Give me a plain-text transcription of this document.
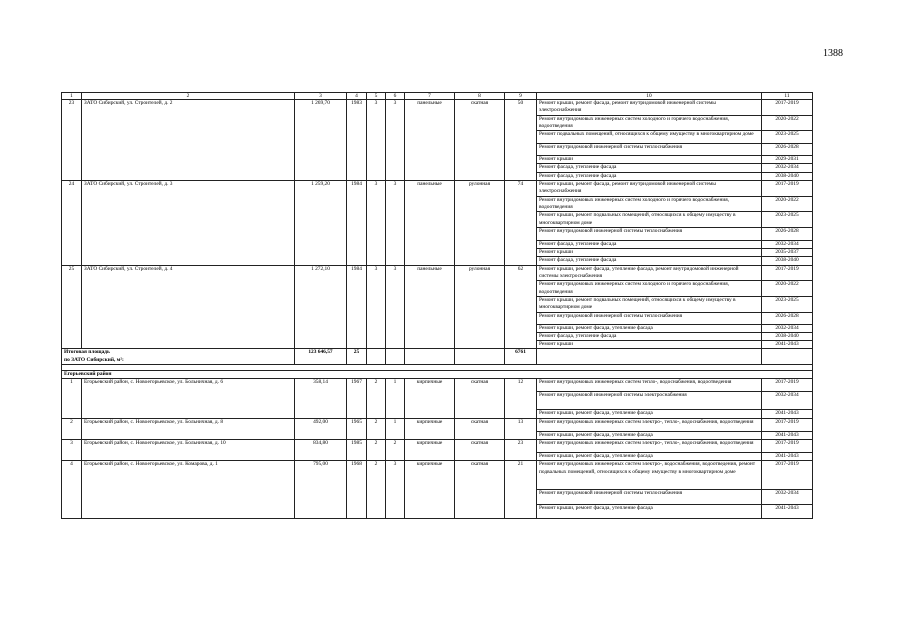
1388
1	2	3	4	5	6	7	8	9	10	11
23	ЗАТО Сибирский, ул. Строителей, д. 2	1 269,70	1983	3	3	панельные	скатная	50	Ремонт крыши, ремонт фасада, ремонт внутридомовой инженерной системы электроснабжения	2017-2019
									Ремонт внутридомовых инженерных систем холодного и горячего водоснабжения, водоотведения	2020-2022
									Ремонт подвальных помещений, относящихся к общему имуществу в многоквартирном доме	2023-2025
									Ремонт внутридомовой инженерной системы теплоснабжения	2026-2028
									Ремонт крыши	2029-2031
									Ремонт фасада, утепление фасада	2032-2034
									Ремонт фасада, утепление фасада	2038-2040
24	ЗАТО Сибирский, ул. Строителей, д. 3	1 259,20	1984	3	3	панельные	рулонная	74	Ремонт крыши, ремонт фасада, ремонт внутридомовой инженерной системы электроснабжения	2017-2019
									Ремонт внутридомовых инженерных систем холодного и горячего водоснабжения, водоотведения	2020-2022
									Ремонт крыши, ремонт подвальных помещений, относящихся к общему имуществу в многоквартирном доме	2023-2025
									Ремонт внутридомовой инженерной системы теплоснабжения	2026-2028
									Ремонт фасада, утепление фасада	2032-2034
									Ремонт крыши	2035-2037
									Ремонт фасада, утепление фасада	2038-2040
25	ЗАТО Сибирский, ул. Строителей, д. 4	1 272,10	1984	3	3	панельные	рулонная	62	Ремонт крыши, ремонт фасада, утепление фасада, ремонт внутридомовой инженерной системы электроснабжения	2017-2019
									Ремонт внутридомовых инженерных систем холодного и горячего водоснабжения, водоотведения	2020-2022
									Ремонт крыши, ремонт подвальных помещений, относящихся к общему имуществу в многоквартирном доме	2023-2025
									Ремонт внутридомовой инженерной системы теплоснабжения	2026-2028
									Ремонт крыши, ремонт фасада, утепление фасада	2032-2034
									Ремонт фасада, утепление фасада	2038-2040
									Ремонт крыши	2041-2043

Итоговая площадь
по ЗАТО Сибирский, м²:		123 646,57	25					6761		

Егорьевский район										
1	Егорьевский район, с. Новоегорьевское, ул. Больничная, д. 6	358,14	1967	2	1	кирпичные	скатная	12	Ремонт внутридомовых инженерных систем тепло-, водоснабжения, водоотведения	2017-2019
									Ремонт внутридомовой инженерной системы электроснабжения	2032-2034
									Ремонт крыши, ремонт фасада, утепление фасада	2041-2043
2	Егорьевский район, с. Новоегорьевское, ул. Больничная, д. 8	492,00	1965	2	1	кирпичные	скатная	13	Ремонт внутридомовых инженерных систем электро-, тепло-, водоснабжения, водоотведения	2017-2019
									Ремонт крыши, ремонт фасада, утепление фасада	2041-2043
3	Егорьевский район, с. Новоегорьевское, ул. Больничная, д. 10	834,80	1985	2	2	кирпичные	скатная	23	Ремонт внутридомовых инженерных систем электро-, тепло-, водоснабжения, водоотведения	2017-2019
									Ремонт крыши, ремонт фасада, утепление фасада	2041-2043
4	Егорьевский район, с. Новоегорьевское, ул. Комарова, д. 1	795,00	1968	2	3	кирпичные	скатная	21	Ремонт внутридомовых инженерных систем электро-, водоснабжения, водоотведения, ремонт подвальных помещений, относящихся к общему имуществу в многоквартирном доме	2017-2019
									Ремонт внутридомовой инженерной системы теплоснабжения	2032-2034
									Ремонт крыши, ремонт фасада, утепление фасада	2041-2043
